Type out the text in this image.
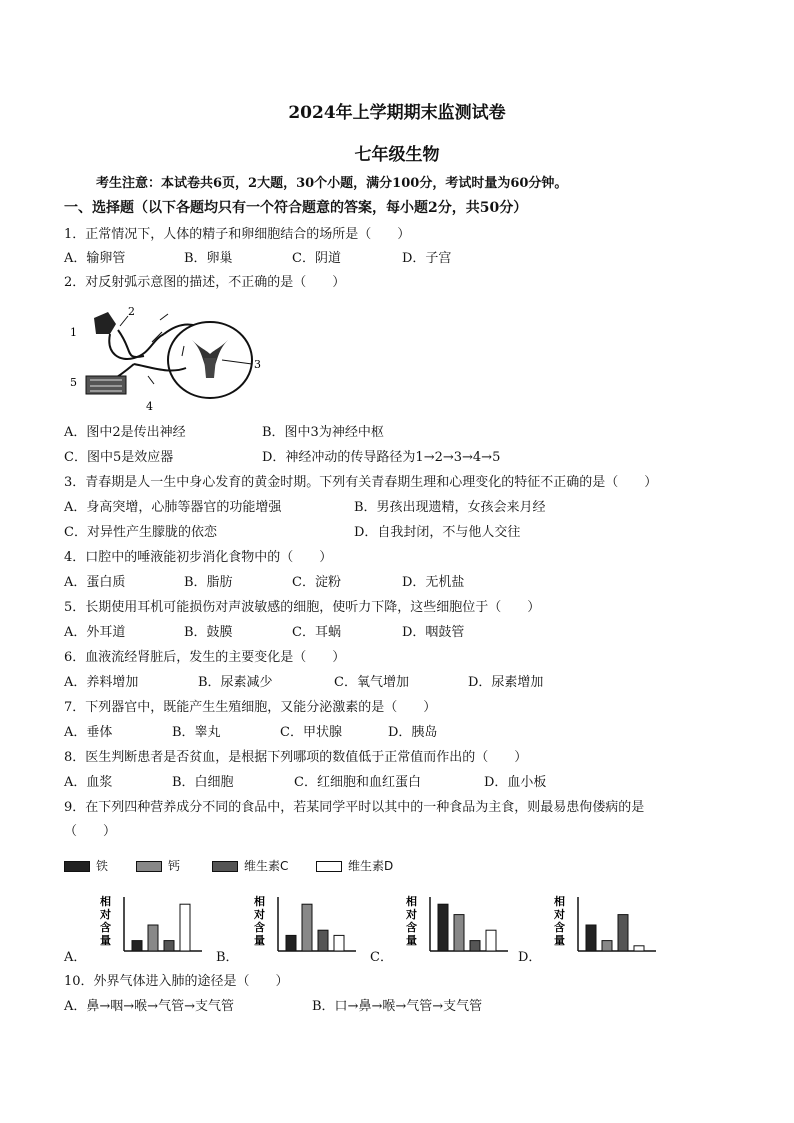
2024年上学期期末监测试卷
七年级生物
考生注意：本试卷共6页，2大题，30个小题，满分100分，考试时量为60分钟。
一、选择题（以下各题均只有一个符合题意的答案，每小题2分，共50分）
1．正常情况下，人体的精子和卵细胞结合的场所是（　　）
A．输卵管	B．卵巢	C．阴道	D．子宫
2．对反射弧示意图的描述，不正确的是（　　）
1
2
3
4
5
A．图中2是传出神经	B．图中3为神经中枢
C．图中5是效应器	D．神经冲动的传导路径为1→2→3→4→5
3．青春期是人一生中身心发育的黄金时期。下列有关青春期生理和心理变化的特征不正确的是（　　）
A．身高突增，心肺等器官的功能增强	B．男孩出现遗精，女孩会来月经
C．对异性产生朦胧的依恋	D．自我封闭，不与他人交往
4．口腔中的唾液能初步消化食物中的（　　）
A．蛋白质	B．脂肪	C．淀粉	D．无机盐
5．长期使用耳机可能损伤对声波敏感的细胞，使听力下降，这些细胞位于（　　）
A．外耳道	B．鼓膜	C．耳蜗	D．咽鼓管
6．血液流经肾脏后，发生的主要变化是（　　）
A．养料增加	B．尿素减少	C．氧气增加	D．尿素增加
7．下列器官中，既能产生生殖细胞，又能分泌激素的是（　　）
A．垂体	B．睾丸	C．甲状腺	D．胰岛
8．医生判断患者是否贫血，是根据下列哪项的数值低于正常值而作出的（　　）
A．血浆	B．白细胞	C．红细胞和血红蛋白	D．血小板
9．在下列四种营养成分不同的食品中，若某同学平时以其中的一种食品为主食，则最易患佝偻病的是
（　　）
铁	钙	维生素C	维生素D
A．	B．	C．	D．
相
对
含
量
相
对
含
量
相
对
含
量
相
对
含
量
10．外界气体进入肺的途径是（　　）
A．鼻→咽→喉→气管→支气管	B．口→鼻→喉→气管→支气管
